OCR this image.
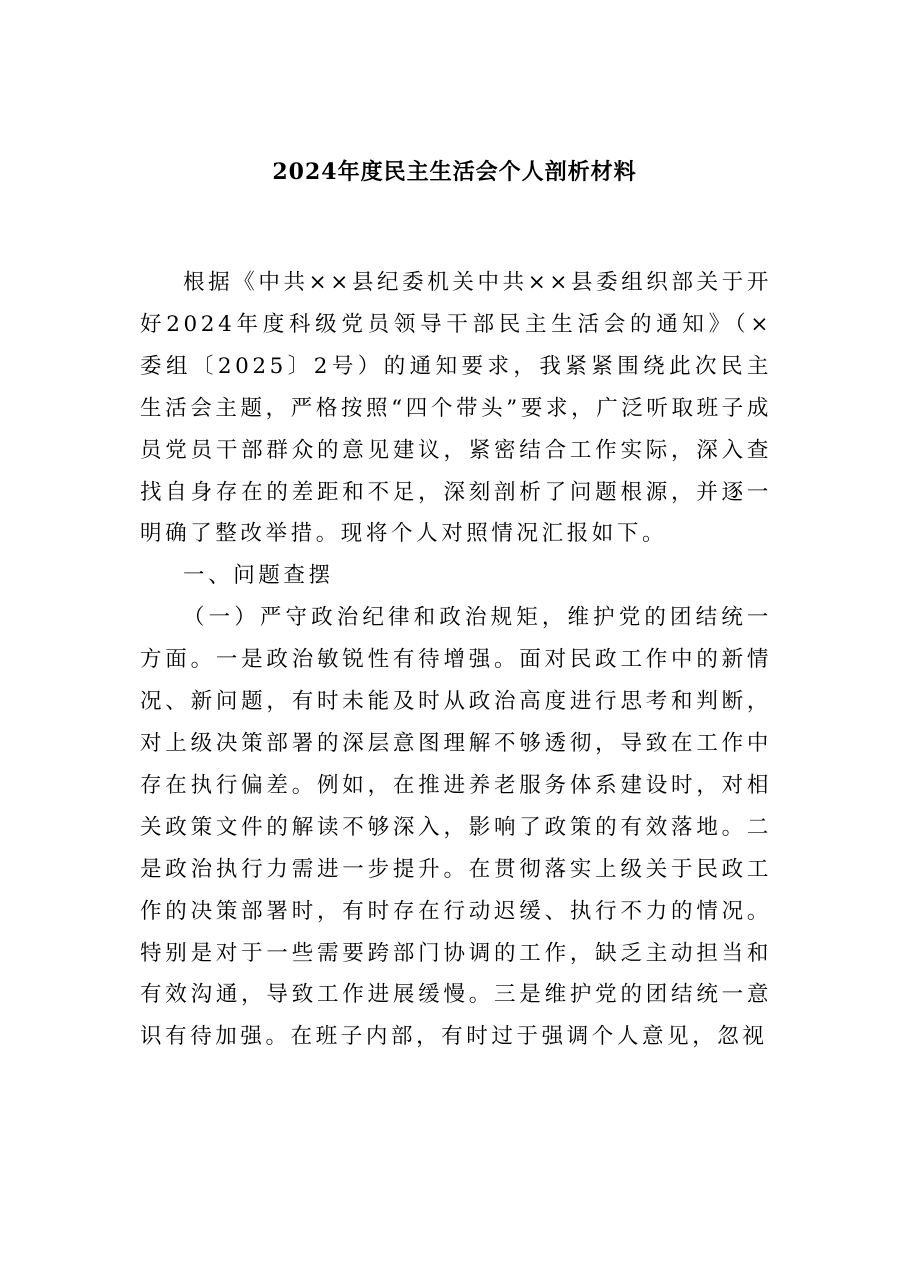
2024年度民主生活会个人剖析材料

根据《中共××县纪委机关中共××县委组织部关于开好2024年度科级党员领导干部民主生活会的通知》（×委组〔2025〕2号）的通知要求，我紧紧围绕此次民主生活会主题，严格按照“四个带头”要求，广泛听取班子成员党员干部群众的意见建议，紧密结合工作实际，深入查找自身存在的差距和不足，深刻剖析了问题根源，并逐一明确了整改举措。现将个人对照情况汇报如下。

一、问题查摆

（一）严守政治纪律和政治规矩，维护党的团结统一方面。一是政治敏锐性有待增强。面对民政工作中的新情况、新问题，有时未能及时从政治高度进行思考和判断，对上级决策部署的深层意图理解不够透彻，导致在工作中存在执行偏差。例如，在推进养老服务体系建设时，对相关政策文件的解读不够深入，影响了政策的有效落地。二是政治执行力需进一步提升。在贯彻落实上级关于民政工作的决策部署时，有时存在行动迟缓、执行不力的情况。特别是对于一些需要跨部门协调的工作，缺乏主动担当和有效沟通，导致工作进展缓慢。三是维护党的团结统一意识有待加强。在班子内部，有时过于强调个人意见，忽视
